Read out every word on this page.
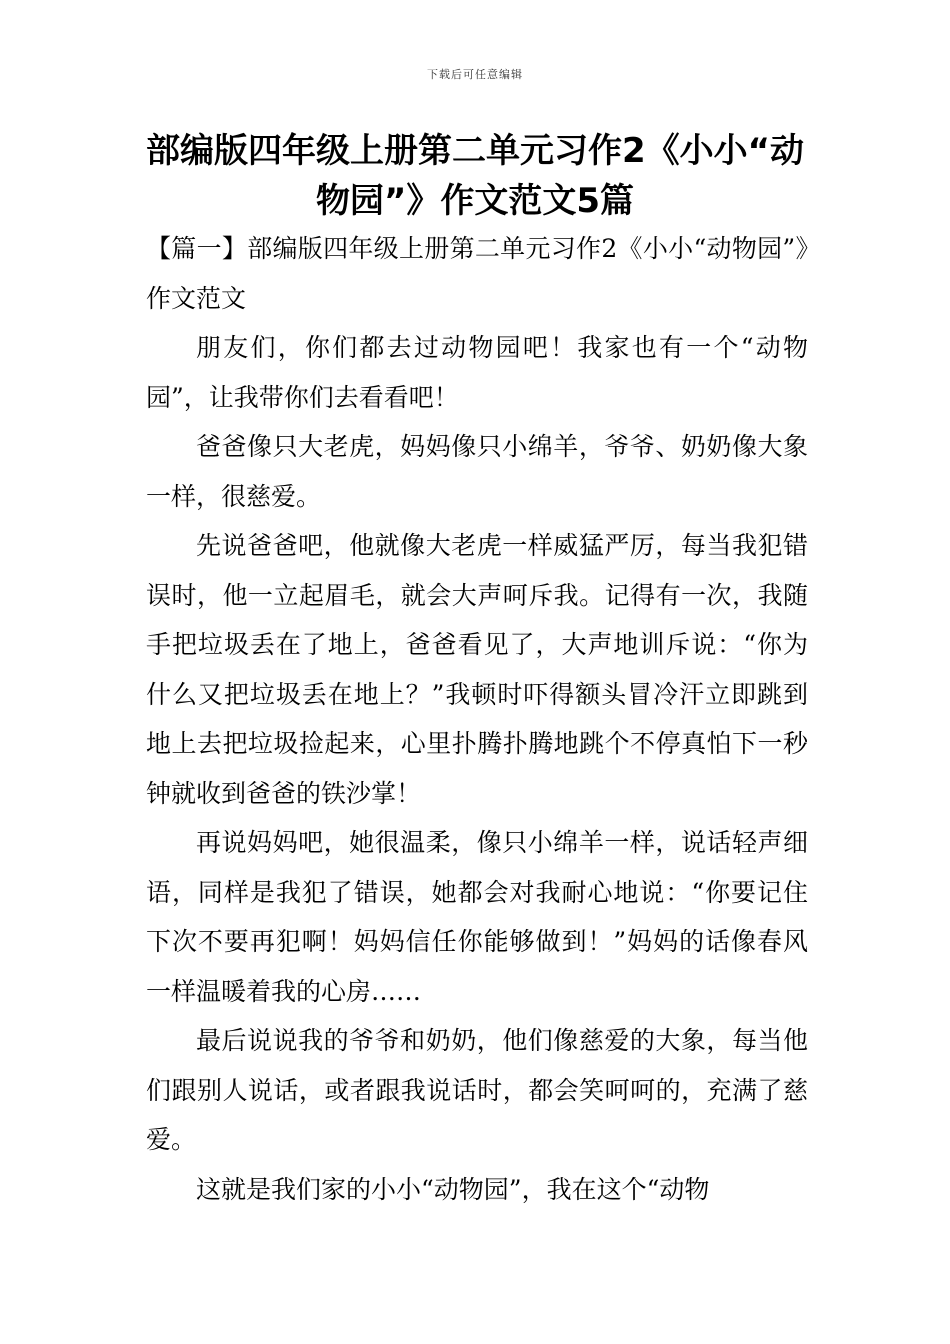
下载后可任意编辑
部编版四年级上册第二单元习作2《小小“动物园”》作文范文5篇

【篇一】部编版四年级上册第二单元习作2《小小“动物园”》作文范文

朋友们，你们都去过动物园吧！我家也有一个“动物园”，让我带你们去看看吧！

爸爸像只大老虎，妈妈像只小绵羊，爷爷、奶奶像大象一样，很慈爱。

先说爸爸吧，他就像大老虎一样威猛严厉，每当我犯错误时，他一立起眉毛，就会大声呵斥我。记得有一次，我随手把垃圾丢在了地上，爸爸看见了，大声地训斥说：“你为什么又把垃圾丢在地上？”我顿时吓得额头冒冷汗立即跳到地上去把垃圾捡起来，心里扑腾扑腾地跳个不停真怕下一秒钟就收到爸爸的铁沙掌！

再说妈妈吧，她很温柔，像只小绵羊一样，说话轻声细语，同样是我犯了错误，她都会对我耐心地说：“你要记住下次不要再犯啊！妈妈信任你能够做到！”妈妈的话像春风一样温暖着我的心房……

最后说说我的爷爷和奶奶，他们像慈爱的大象，每当他们跟别人说话，或者跟我说话时，都会笑呵呵的，充满了慈爱。

这就是我们家的小小“动物园”，我在这个“动物
